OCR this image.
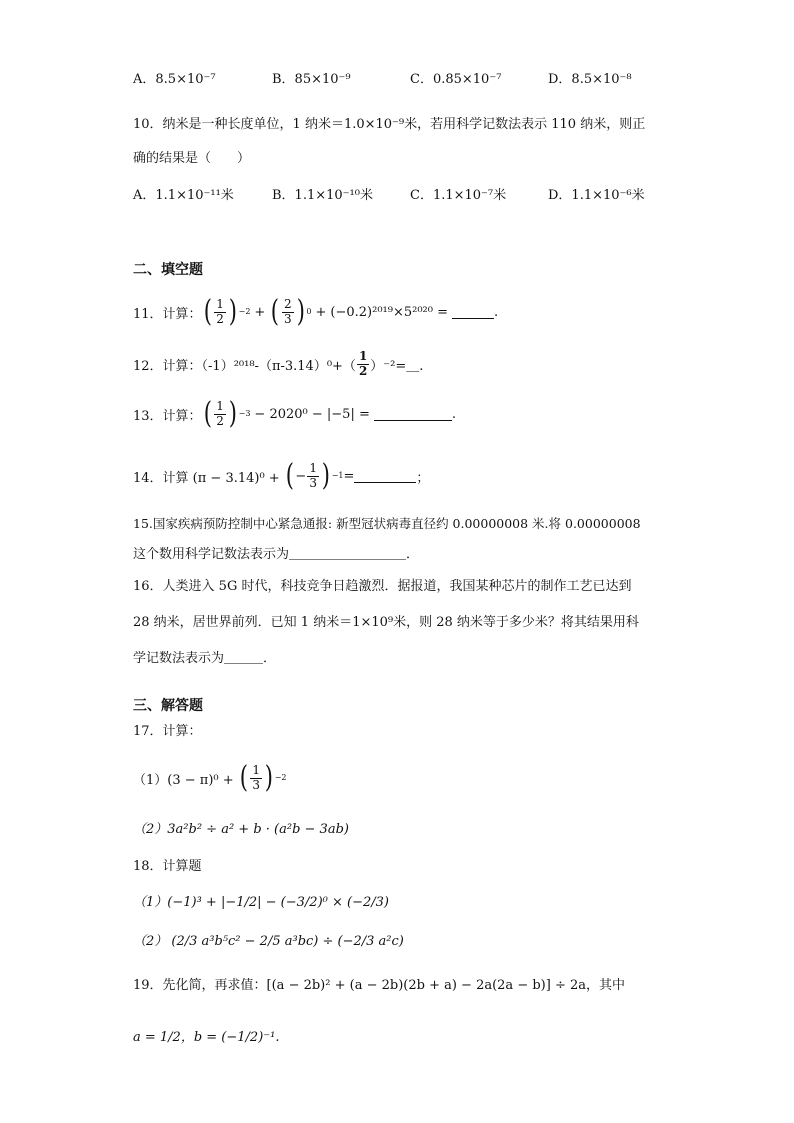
A．8.5×10⁻⁷	B．85×10⁻⁹	C．0.85×10⁻⁷	D．8.5×10⁻⁸
10．纳米是一种长度单位，1 纳米＝1.0×10⁻⁹米，若用科学记数法表示 110 纳米，则正
确的结果是（　　）
A．1.1×10⁻¹¹米	B．1.1×10⁻¹⁰米	C．1.1×10⁻⁷米	D．1.1×10⁻⁶米
二、填空题
11．计算： ( $\frac{1}{2}$ ) −2 + ( $\frac{2}{3}$ ) 0 + (−0.2)²⁰¹⁹×5²⁰²⁰ =	.
12．计算：$(-1)^{2018}-(\pi-3.14)^0+( \frac{1}{2}$ ）⁻²=＿.
13．计算： ( $\frac{1}{2}$ ) −3 − 2020⁰ − |−5| =	.
14．计算 (π − 3.14)⁰ + ( − $\frac{1}{3}$ ) −1 =	；
15.国家疾病预防控制中心紧急通报: 新型冠状病毒直径约 0.00000008 米.将 0.00000008
这个数用科学记数法表示为＿＿＿＿＿＿＿＿＿．
16．人类进入 5G 时代，科技竞争日趋激烈．据报道，我国某种芯片的制作工艺已达到
28 纳米，居世界前列．已知 1 纳米＝1×10⁹米，则 28 纳米等于多少米？将其结果用科
学记数法表示为＿＿＿．
三、解答题
17．计算：
（1）(3 − π)⁰ + ( $\frac{1}{3}$ ) −2
（2）3a²b² ÷ a² + b · (a²b − 3ab)
18．计算题
（1）(−1)³ + |−1/2| − (−3/2)⁰ × (−2/3)
（2） (2/3 a³b⁵c² − 2/5 a³bc) ÷ (−2/3 a²c)
19．先化简，再求值：[(a − 2b)² + (a − 2b)(2b + a) − 2a(2a − b)] ÷ 2a，其中
a = 1/2，b = (−1/2)⁻¹.
